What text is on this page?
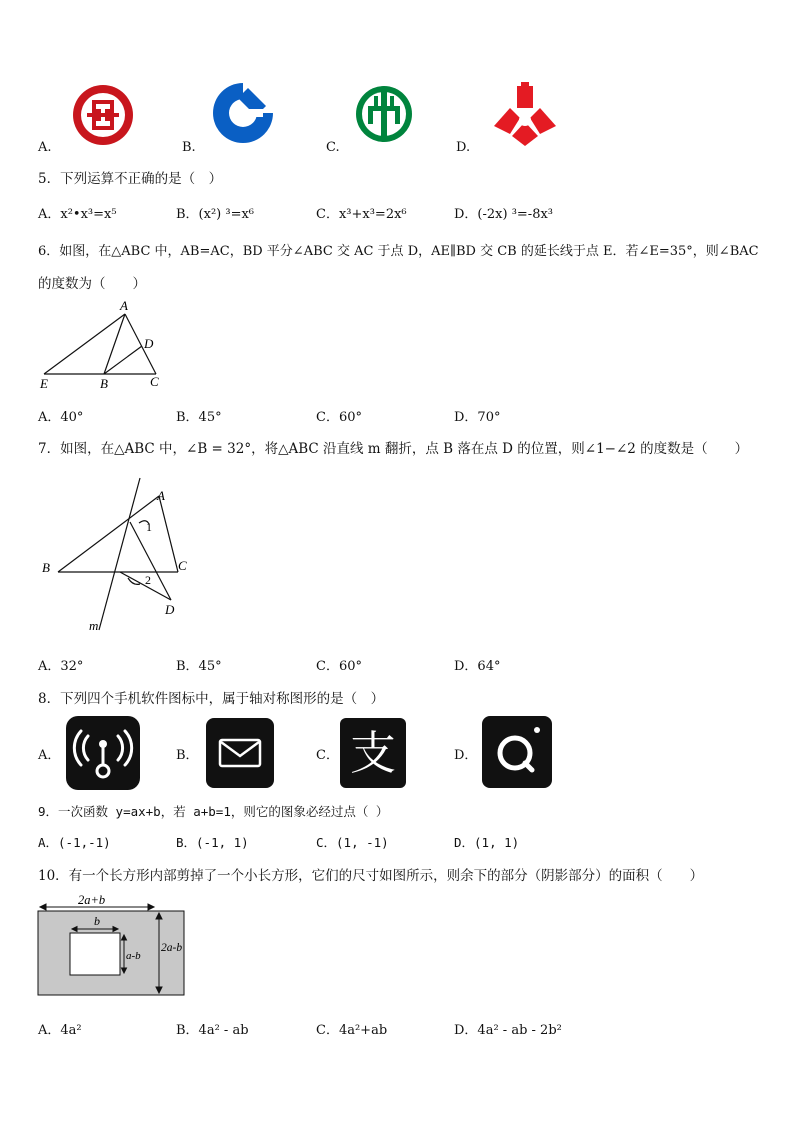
A.	B.	C.	D.
5．下列运算不正确的是（　）
A．x²•x³=x⁵	B．(x²) ³=x⁶	C．x³+x³=2x⁶	D．(-2x) ³=-8x³
6．如图，在△ABC 中，AB=AC，BD 平分∠ABC 交 AC 于点 D，AE∥BD 交 CB 的延长线于点 E．若∠E=35°，则∠BAC
的度数为（　　）
A
D
E	B	C
A．40°	B．45°	C．60°	D．70°
7．如图，在△ABC 中，∠B = 32°，将△ABC 沿直线 m 翻折，点 B 落在点 D 的位置，则∠1−∠2 的度数是（　　）
A
1
B	C
2
D
m
A．32°	B．45°	C．60°	D．64°
8．下列四个手机软件图标中，属于轴对称图形的是（　）
A．	B．	C． 支	D．
9．一次函数 y=ax+b，若 a+b=1，则它的图象必经过点（ ）
A．(-1,-1)	B．(-1, 1)	C．(1, -1)	D．(1, 1)
10．有一个长方形内部剪掉了一个小长方形，它们的尺寸如图所示，则余下的部分（阴影部分）的面积（　　）
2a+b
b
a-b
2a-b
A．4a²	B．4a² - ab	C．4a²+ab	D．4a² - ab - 2b²
